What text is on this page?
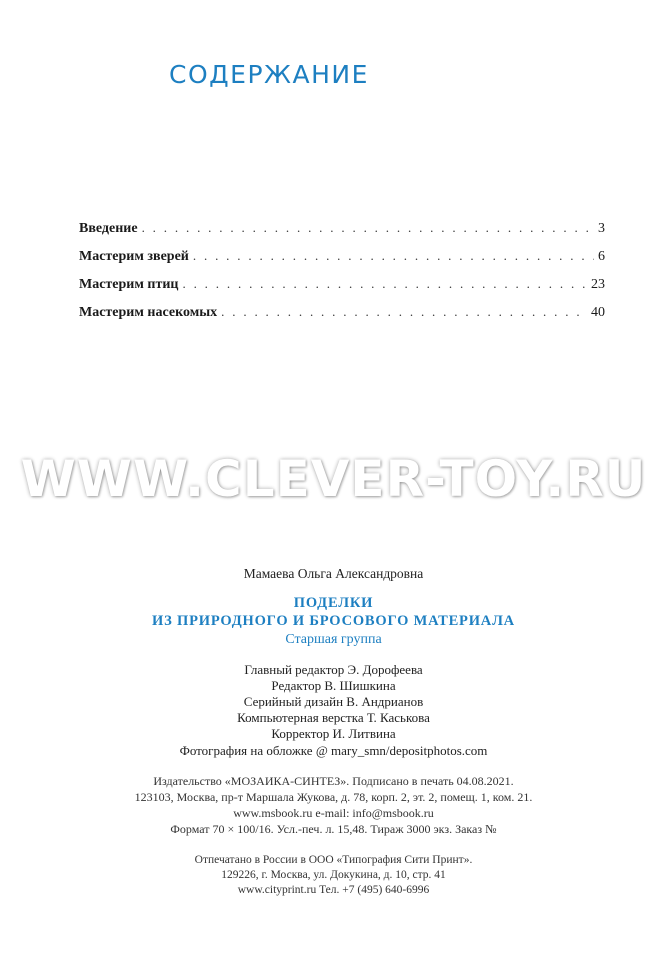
СОДЕРЖАНИЕ
Введение . . .	3
Мастерим зверей . . .	6
Мастерим птиц . . .	23
Мастерим насекомых . . .	40
WWW.CLEVER-TOY.RU
Мамаева Ольга Александровна
ПОДЕЛКИ
ИЗ ПРИРОДНОГО И БРОСОВОГО МАТЕРИАЛА
Старшая группа
Главный редактор Э. Дорофеева
Редактор В. Шишкина
Серийный дизайн В. Андрианов
Компьютерная верстка Т. Каськова
Корректор И. Литвина
Фотография на обложке @ mary_smn/depositphotos.com
Издательство «МОЗАИКА-СИНТЕЗ». Подписано в печать 04.08.2021.
123103, Москва, пр-т Маршала Жукова, д. 78, корп. 2, эт. 2, помещ. 1, ком. 21.
www.msbook.ru e-mail: info@msbook.ru
Формат 70 × 100/16. Усл.-печ. л. 15,48. Тираж 3000 экз. Заказ №
Отпечатано в России в ООО «Типография Сити Принт».
129226, г. Москва, ул. Докукина, д. 10, стр. 41
www.cityprint.ru Тел. +7 (495) 640-6996
